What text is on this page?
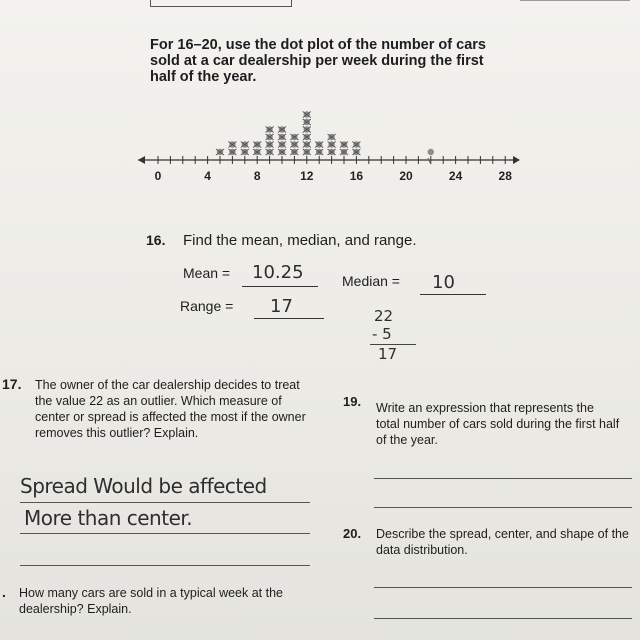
For 16–20, use the dot plot of the number of cars sold at a car dealership per week during the first half of the year.
0	4	8	12	16	20	24	28
16. Find the mean, median, and range.
Mean = 10.25	Median = 10
Range = 17	22
- 5
17
17. The owner of the car dealership decides to treat the value 22 as an outlier. Which measure of center or spread is affected the most if the owner removes this outlier? Explain.
Spread Would be affected
More than center.
. How many cars are sold in a typical week at the dealership? Explain.
19. Write an expression that represents the total number of cars sold during the first half of the year.
20. Describe the spread, center, and shape of the data distribution.
